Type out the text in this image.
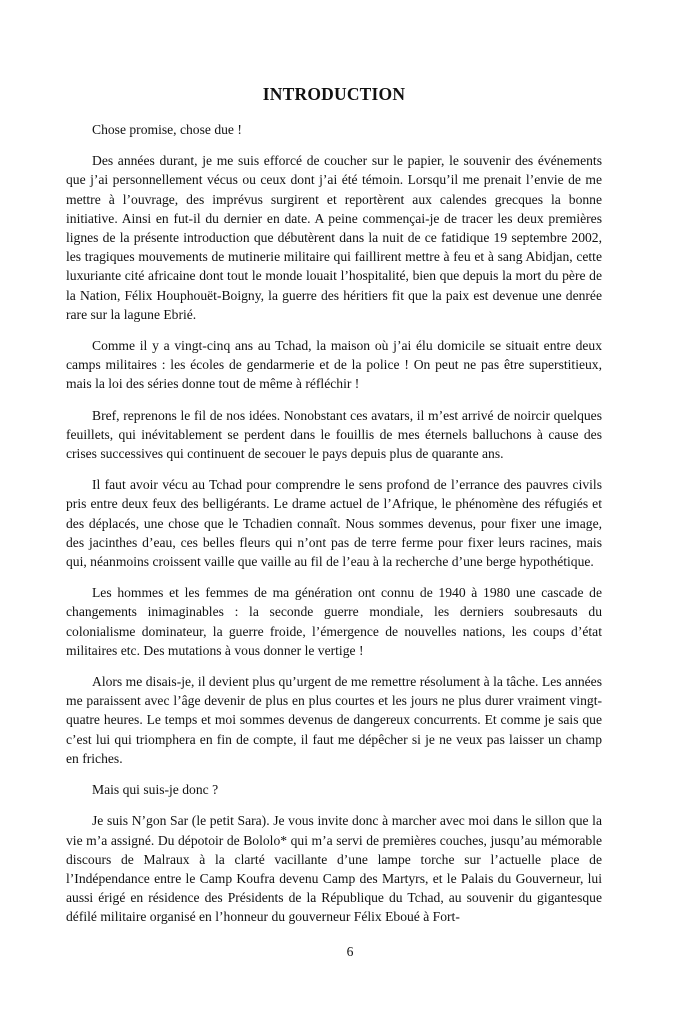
INTRODUCTION

Chose promise, chose due !

Des années durant, je me suis efforcé de coucher sur le papier, le souvenir des événements que j’ai personnellement vécus ou ceux dont j’ai été témoin. Lorsqu’il me prenait l’envie de me mettre à l’ouvrage, des imprévus surgirent et reportèrent aux calendes grecques la bonne initiative. Ainsi en fut-il du dernier en date. A peine commençai-je de tracer les deux premières lignes de la présente introduction que débutèrent dans la nuit de ce fatidique 19 septembre 2002, les tragiques mouvements de mutinerie militaire qui faillirent mettre à feu et à sang Abidjan, cette luxuriante cité africaine dont tout le monde louait l’hospitalité, bien que depuis la mort du père de la Nation, Félix Houphouët-Boigny, la guerre des héritiers fit que la paix est devenue une denrée rare sur la lagune Ebrié.

Comme il y a vingt-cinq ans au Tchad, la maison où j’ai élu domicile se situait entre deux camps militaires : les écoles de gendarmerie et de la police ! On peut ne pas être superstitieux, mais la loi des séries donne tout de même à réfléchir !

Bref, reprenons le fil de nos idées. Nonobstant ces avatars, il m’est arrivé de noircir quelques feuillets, qui inévitablement se perdent dans le fouillis de mes éternels balluchons à cause des crises successives qui continuent de secouer le pays depuis plus de quarante ans.

Il faut avoir vécu au Tchad pour comprendre le sens profond de l’errance des pauvres civils pris entre deux feux des belligérants. Le drame actuel de l’Afrique, le phénomène des réfugiés et des déplacés, une chose que le Tchadien connaît. Nous sommes devenus, pour fixer une image, des jacinthes d’eau, ces belles fleurs qui n’ont pas de terre ferme pour fixer leurs racines, mais qui, néanmoins croissent vaille que vaille au fil de l’eau à la recherche d’une berge hypothétique.

Les hommes et les femmes de ma génération ont connu de 1940 à 1980 une cascade de changements inimaginables : la seconde guerre mondiale, les derniers soubresauts du colonialisme dominateur, la guerre froide, l’émergence de nouvelles nations, les coups d’état militaires etc. Des mutations à vous donner le vertige !

Alors me disais-je, il devient plus qu’urgent de me remettre résolument à la tâche. Les années me paraissent avec l’âge devenir de plus en plus courtes et les jours ne plus durer vraiment vingt-quatre heures. Le temps et moi sommes devenus de dangereux concurrents. Et comme je sais que c’est lui qui triomphera en fin de compte, il faut me dépêcher si je ne veux pas laisser un champ en friches.

Mais qui suis-je donc ?

Je suis N’gon Sar (le petit Sara). Je vous invite donc à marcher avec moi dans le sillon que la vie m’a assigné. Du dépotoir de Bololo* qui m’a servi de premières couches, jusqu’au mémorable discours de Malraux à la clarté vacillante d’une lampe torche sur l’actuelle place de l’Indépendance entre le Camp Koufra devenu Camp des Martyrs, et le Palais du Gouverneur, lui aussi érigé en résidence des Présidents de la République du Tchad, au souvenir du gigantesque défilé militaire organisé en l’honneur du gouverneur Félix Eboué à Fort-

6
